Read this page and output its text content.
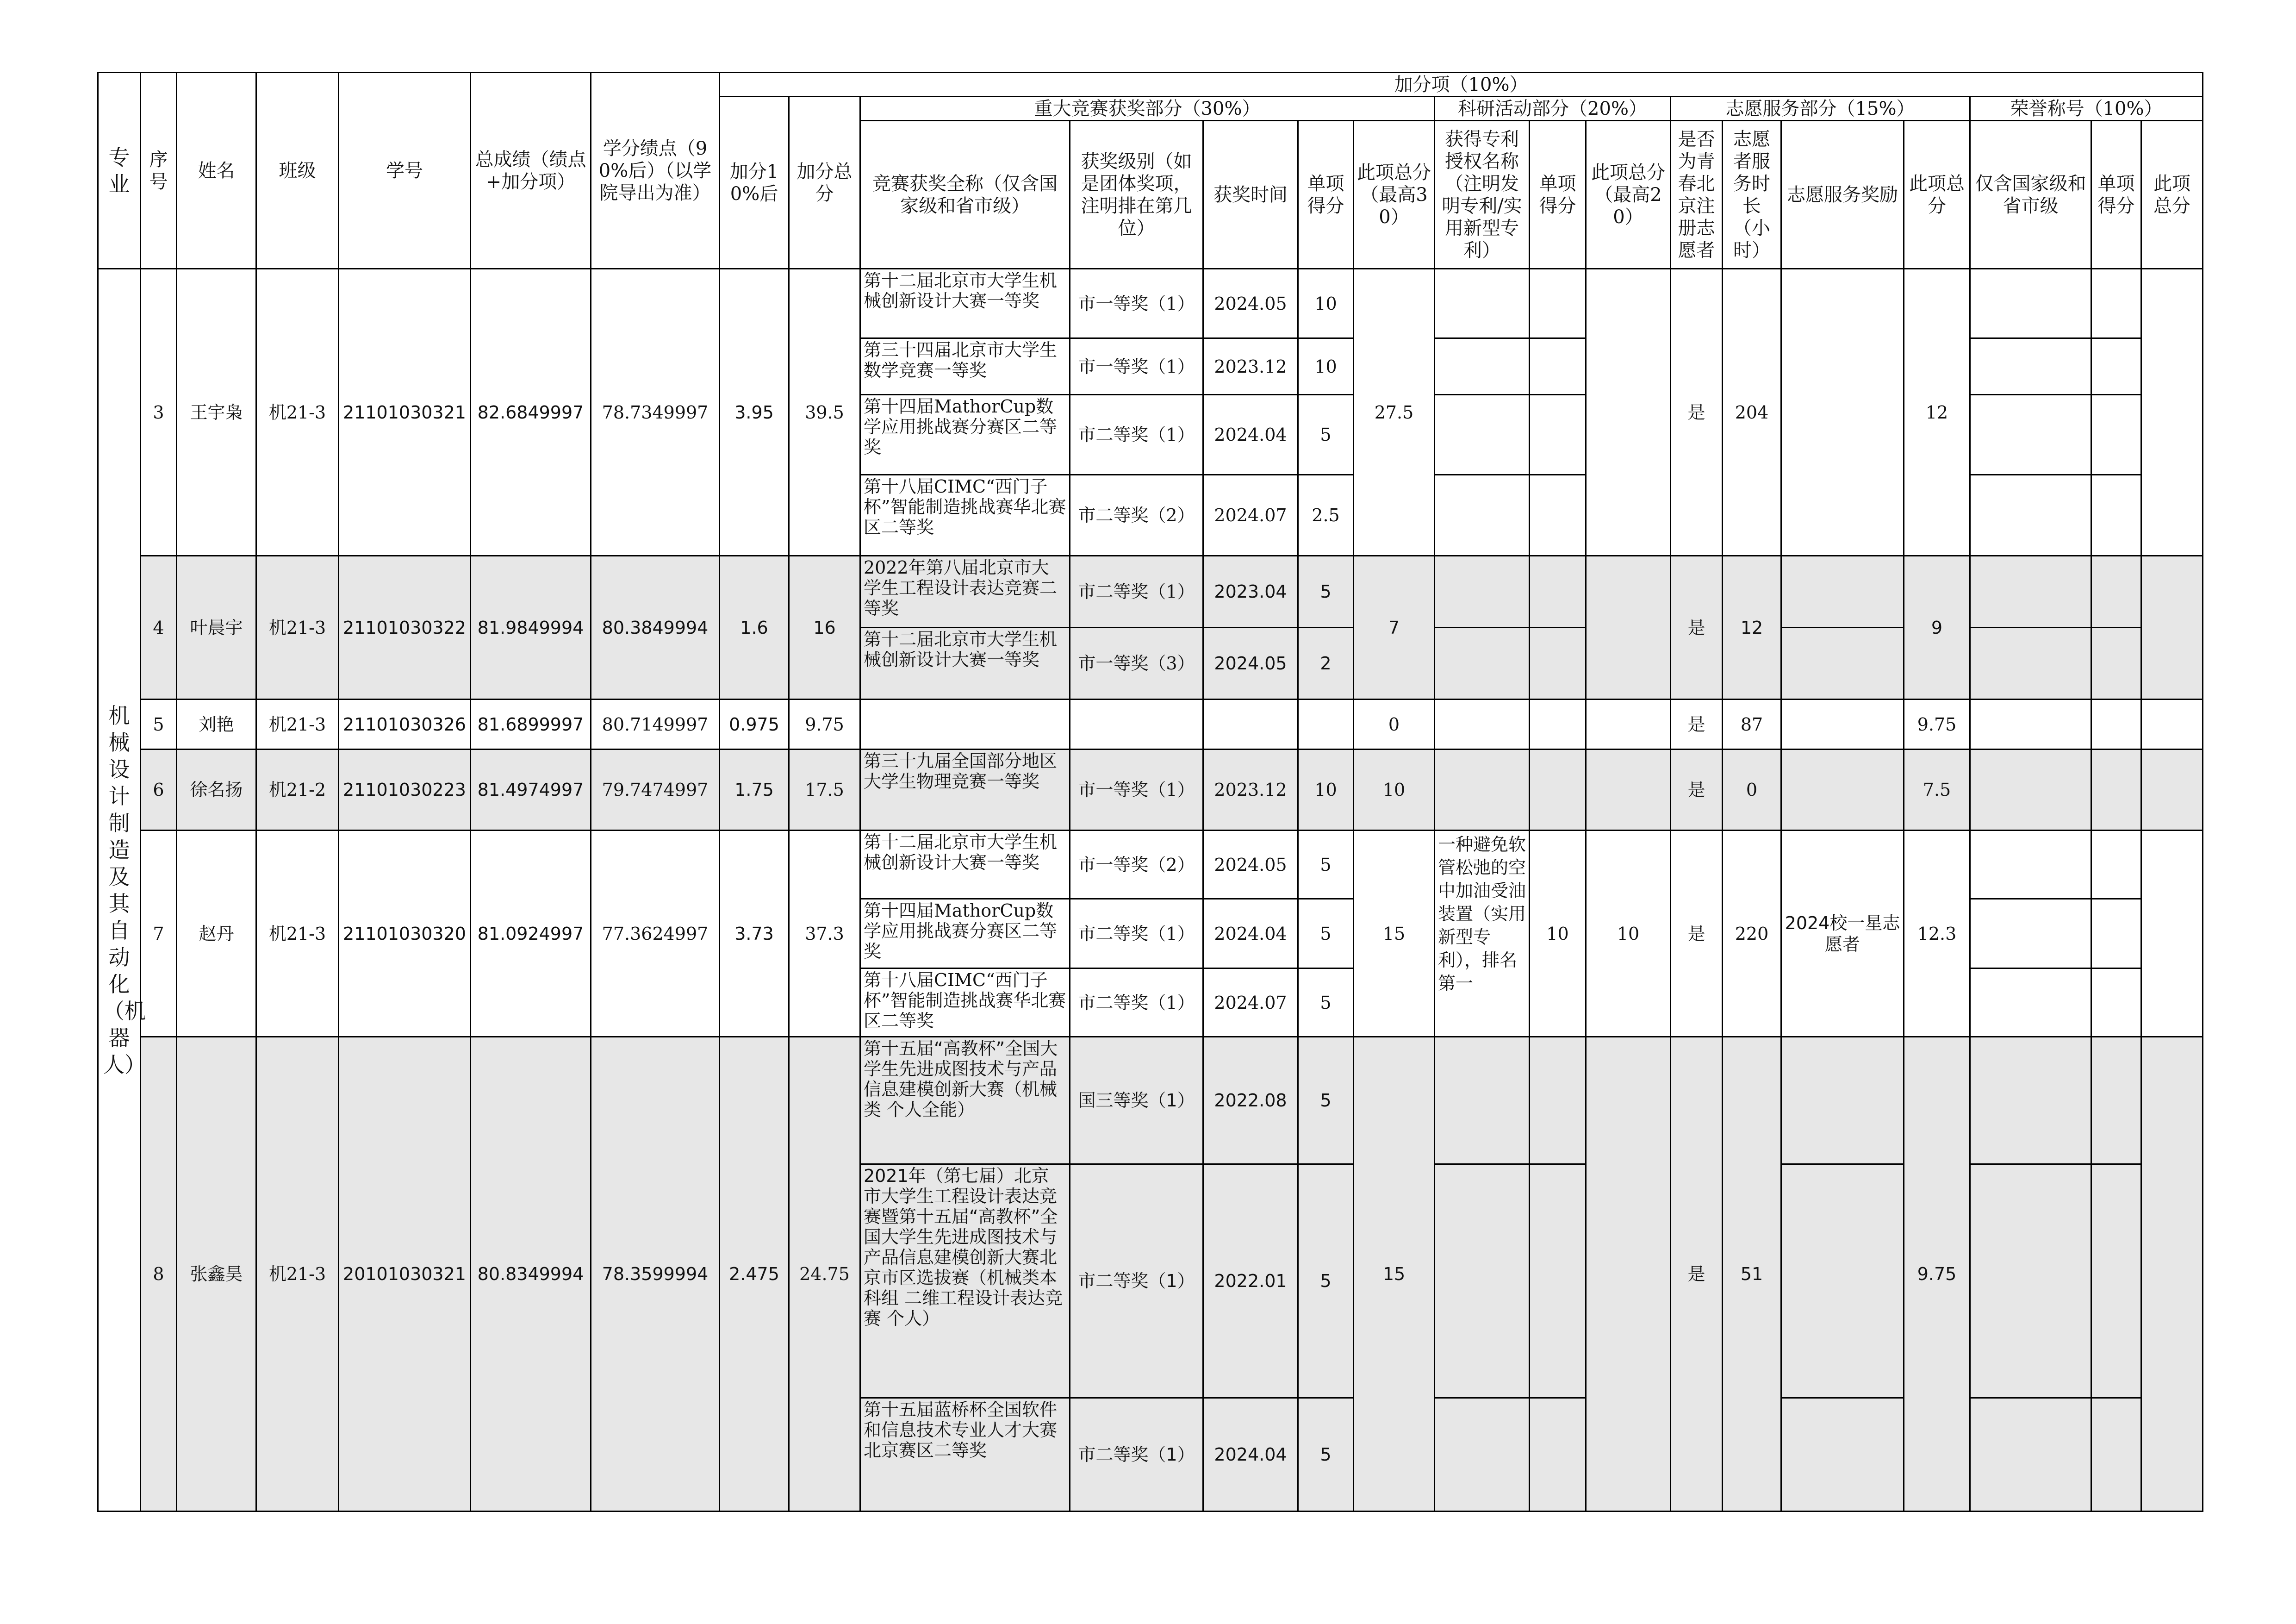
专业	序号	姓名	班级	学号	总成绩（绩点+加分项）	学分绩点（90%后）（以学院导出为准）	加分项（10%）																
							加分10%后	加分总分	重大竞赛获奖部分（30%）					科研活动部分（20%）			志愿服务部分（15%）				荣誉称号（10%）		
									竞赛获奖全称（仅含国家级和省市级）	获奖级别（如是团体奖项，注明排在第几位）	获奖时间	单项得分	此项总分（最高30）	获得专利授权名称（注明发明专利/实用新型专利）	单项得分	此项总分（最高20）	是否为青春北京注册志愿者	志愿者服务时长（小时）	志愿服务奖励	此项总分	仅含国家级和省市级	单项得分	此项总分
机械设计制造及其自动化（机器人）	3	王宇枭	机21-3	21101030321	82.6849997	78.7349997	3.95	39.5	第十二届北京市大学生机械创新设计大赛一等奖	市一等奖（1）	2024.05	10	27.5				是	204		12			
									第三十四届北京市大学生数学竞赛一等奖	市一等奖（1）	2023.12	10											
									第十四届MathorCup数学应用挑战赛分赛区二等奖	市二等奖（1）	2024.04	5											
									第十八届CIMC“西门子杯”智能制造挑战赛华北赛区二等奖	市二等奖（2）	2024.07	2.5											
	4	叶晨宇	机21-3	21101030322	81.9849994	80.3849994	1.6	16	2022年第八届北京市大学生工程设计表达竞赛二等奖	市二等奖（1）	2023.04	5	7				是	12		9			
									第十二届北京市大学生机械创新设计大赛一等奖	市一等奖（3）	2024.05	2											
	5	刘艳	机21-3	21101030326	81.6899997	80.7149997	0.975	9.75					0				是	87		9.75			
	6	徐名扬	机21-2	21101030223	81.4974997	79.7474997	1.75	17.5	第三十九届全国部分地区大学生物理竞赛一等奖	市一等奖（1）	2023.12	10	10				是	0		7.5			
	7	赵丹	机21-3	21101030320	81.0924997	77.3624997	3.73	37.3	第十二届北京市大学生机械创新设计大赛一等奖	市一等奖（2）	2024.05	5	15	一种避免软管松弛的空中加油受油装置（实用新型专利），排名第一	10	10	是	220	2024校一星志愿者	12.3			
									第十四届MathorCup数学应用挑战赛分赛区二等奖	市二等奖（1）	2024.04	5											
									第十八届CIMC“西门子杯”智能制造挑战赛华北赛区二等奖	市二等奖（1）	2024.07	5											
	8	张鑫昊	机21-3	20101030321	80.8349994	78.3599994	2.475	24.75	第十五届“高教杯”全国大学生先进成图技术与产品信息建模创新大赛（机械类 个人全能）	国三等奖（1）	2022.08	5	15				是	51		9.75			
									2021年（第七届）北京市大学生工程设计表达竞赛暨第十五届“高教杯”全国大学生先进成图技术与产品信息建模创新大赛北京市区选拔赛（机械类本科组 二维工程设计表达竞赛 个人）	市二等奖（1）	2022.01	5											
									第十五届蓝桥杯全国软件和信息技术专业人才大赛北京赛区二等奖	市二等奖（1）	2024.04	5											
